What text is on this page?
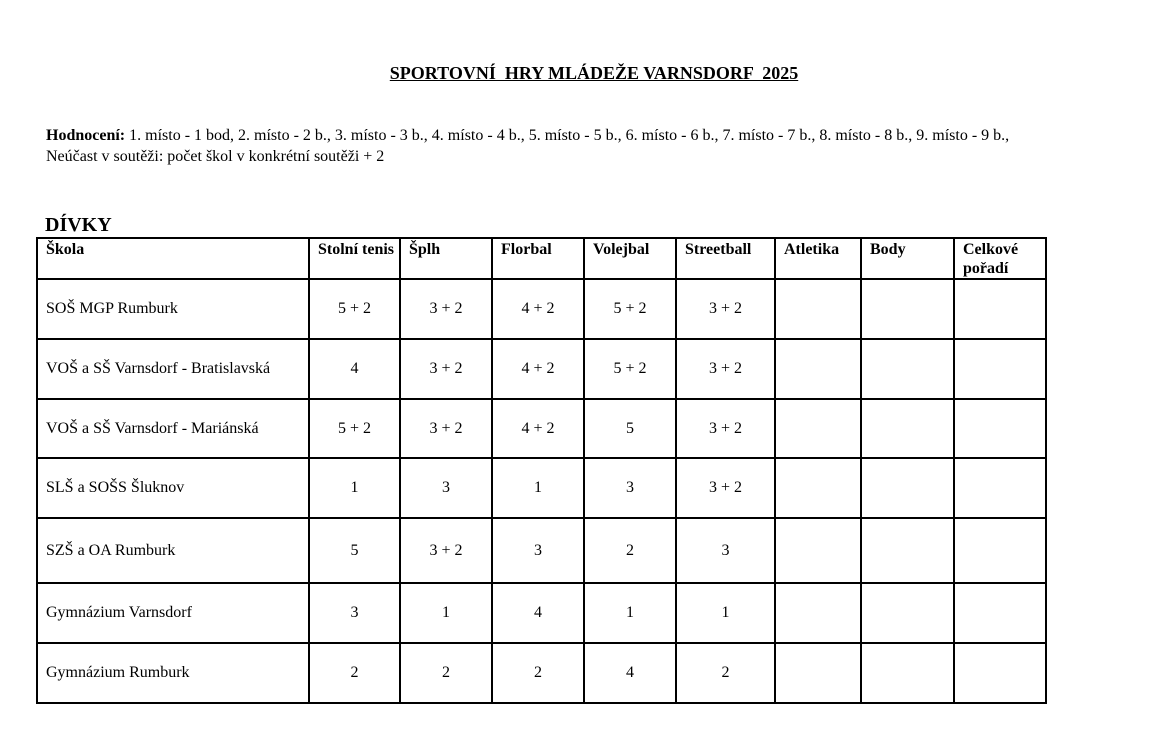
SPORTOVNÍ  HRY MLÁDEŽE VARNSDORF  2025
Hodnocení: 1. místo - 1 bod, 2. místo - 2 b., 3. místo - 3 b., 4. místo - 4 b., 5. místo - 5 b., 6. místo - 6 b., 7. místo - 7 b., 8. místo - 8 b., 9. místo - 9 b.,
Neúčast v soutěži: počet škol v konkrétní soutěži + 2
DÍVKY
Škola	Stolní tenis	Šplh	Florbal	Volejbal	Streetball	Atletika	Body	Celkové pořadí
SOŠ MGP Rumburk	5 + 2	3 + 2	4 + 2	5 + 2	3 + 2			
VOŠ a SŠ Varnsdorf - Bratislavská	4	3 + 2	4 + 2	5 + 2	3 + 2			
VOŠ a SŠ Varnsdorf - Mariánská	5 + 2	3 + 2	4 + 2	5	3 + 2			
SLŠ a SOŠS Šluknov	1	3	1	3	3 + 2			
SZŠ a OA Rumburk	5	3 + 2	3	2	3			
Gymnázium Varnsdorf	3	1	4	1	1			
Gymnázium Rumburk	2	2	2	4	2			
